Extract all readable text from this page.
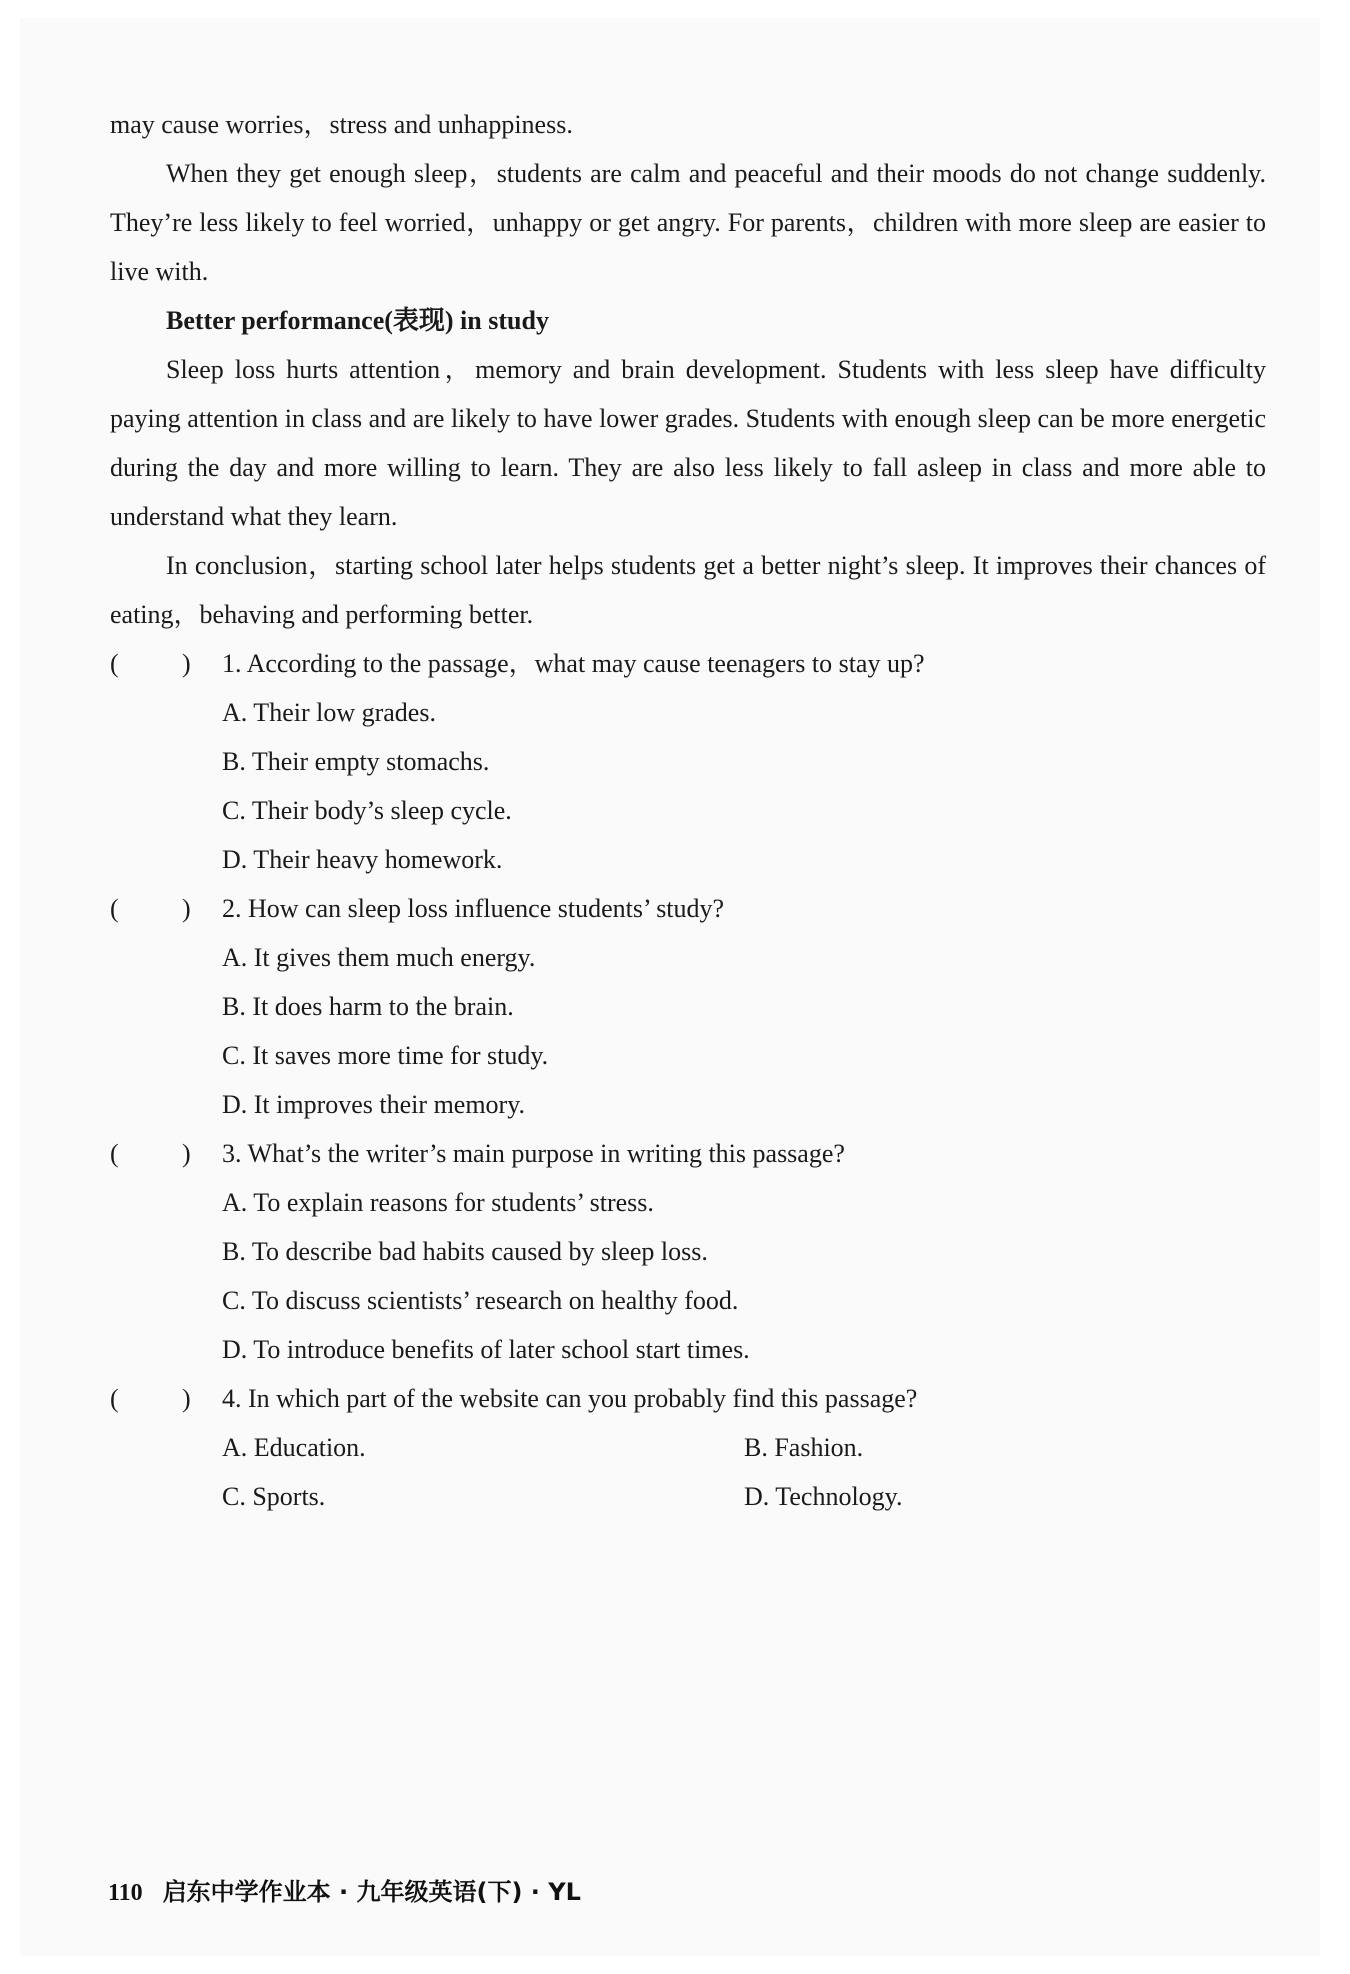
may cause worries，stress and unhappiness.

When they get enough sleep，students are calm and peaceful and their moods do not change suddenly. They’re less likely to feel worried，unhappy or get angry. For parents，children with more sleep are easier to live with.

Better performance(表现) in study

Sleep loss hurts attention，memory and brain development. Students with less sleep have difficulty paying attention in class and are likely to have lower grades. Students with enough sleep can be more energetic during the day and more willing to learn. They are also less likely to fall asleep in class and more able to understand what they learn.

In conclusion，starting school later helps students get a better night’s sleep. It improves their chances of eating，behaving and performing better.

( ) 1. According to the passage，what may cause teenagers to stay up?

A. Their low grades.

B. Their empty stomachs.

C. Their body’s sleep cycle.

D. Their heavy homework.

( ) 2. How can sleep loss influence students’ study?

A. It gives them much energy.

B. It does harm to the brain.

C. It saves more time for study.

D. It improves their memory.

( ) 3. What’s the writer’s main purpose in writing this passage?

A. To explain reasons for students’ stress.

B. To describe bad habits caused by sleep loss.

C. To discuss scientists’ research on healthy food.

D. To introduce benefits of later school start times.

( ) 4. In which part of the website can you probably find this passage?

A. Education.	B. Fashion.
C. Sports.	D. Technology.
110 启东中学作业本 · 九年级英语(下) · YL
